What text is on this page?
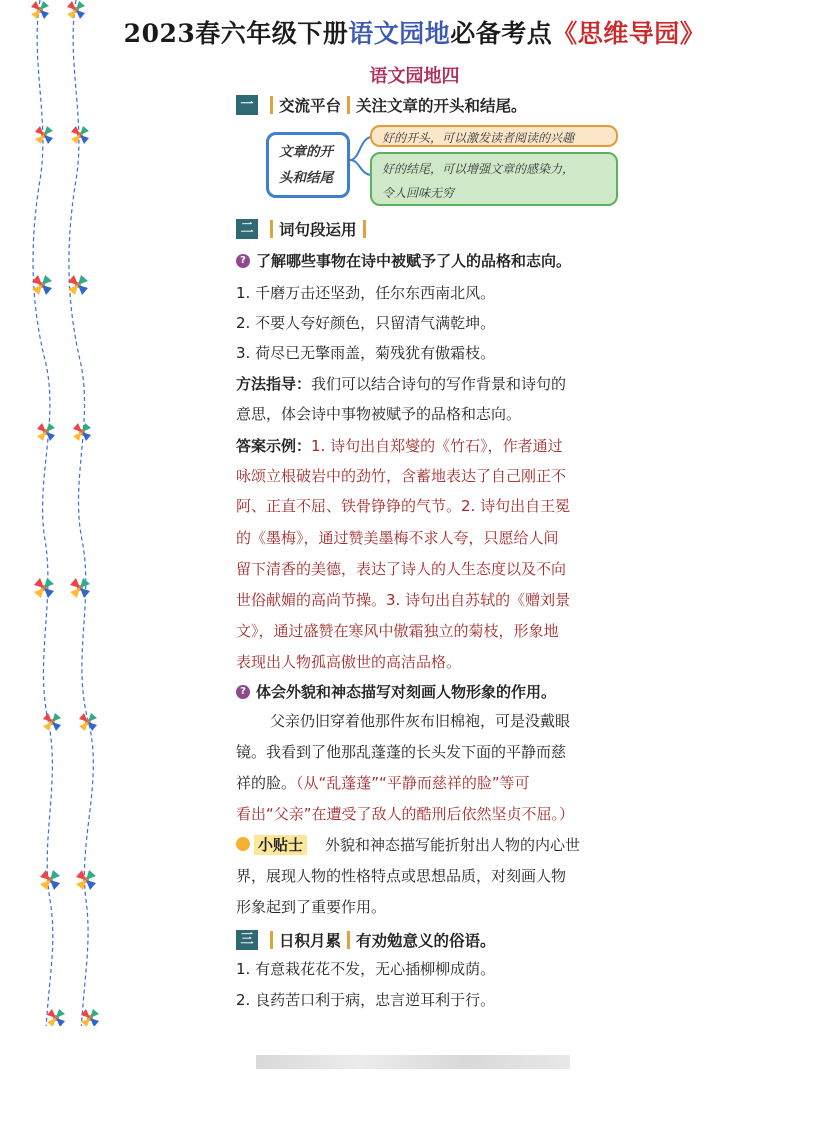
2023春六年级下册语文园地必备考点《思维导园》
语文园地四
一 交流平台 关注文章的开头和结尾。
文章的开
头和结尾
好的开头，可以激发读者阅读的兴趣
好的结尾，可以增强文章的感染力，
令人回味无穷
二 词句段运用
? 了解哪些事物在诗中被赋予了人的品格和志向。
1. 千磨万击还坚劲，任尔东西南北风。
2. 不要人夸好颜色，只留清气满乾坤。
3. 荷尽已无擎雨盖，菊残犹有傲霜枝。
方法指导：我们可以结合诗句的写作背景和诗句的
意思，体会诗中事物被赋予的品格和志向。
答案示例：1. 诗句出自郑燮的《竹石》，作者通过
咏颂立根破岩中的劲竹，含蓄地表达了自己刚正不
阿、正直不屈、铁骨铮铮的气节。2. 诗句出自王冕
的《墨梅》，通过赞美墨梅不求人夸，只愿给人间
留下清香的美德，表达了诗人的人生态度以及不向
世俗献媚的高尚节操。3. 诗句出自苏轼的《赠刘景
文》，通过盛赞在寒风中傲霜独立的菊枝，形象地
表现出人物孤高傲世的高洁品格。
? 体会外貌和神态描写对刻画人物形象的作用。
父亲仍旧穿着他那件灰布旧棉袍，可是没戴眼
镜。我看到了他那乱蓬蓬的长头发下面的平静而慈
祥的脸。（从“乱蓬蓬”“平静而慈祥的脸”等可
看出“父亲”在遭受了敌人的酷刑后依然坚贞不屈。）
小贴士 外貌和神态描写能折射出人物的内心世
界，展现人物的性格特点或思想品质，对刻画人物
形象起到了重要作用。
三 日积月累 有劝勉意义的俗语。
1. 有意栽花花不发，无心插柳柳成荫。
2. 良药苦口利于病，忠言逆耳利于行。
